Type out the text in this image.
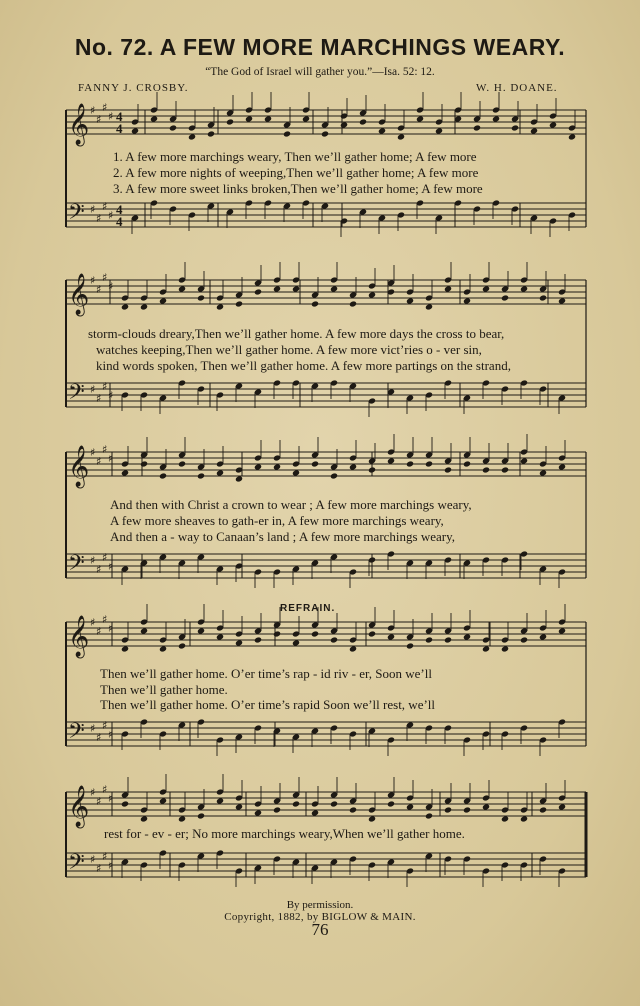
No. 72. A FEW MORE MARCHINGS WEARY.
“The God of Israel will gather you.”—Isa. 52: 12.
FANNY J. CROSBY.	W. H. DOANE.
𝄞 ♯
♯
♯
♯ 4
4
𝄢 ♯
♯
♯
♯ 4
4
𝄞 ♯
♯
♯
♯
𝄢 ♯
♯
♯
♯
𝄞 ♯
♯
♯
♯
𝄢 ♯
♯
♯
♯
𝄞 ♯
♯
♯
♯
𝄢 ♯
♯
♯
♯
𝄞 ♯
♯
♯
♯
𝄢 ♯
♯
♯
♯
REFRAIN.
1. A few more marchings weary, Then we’ll gather home; A few more
2. A few more nights of weeping,Then we’ll gather home; A few more
3. A few more sweet links broken,Then we’ll gather home; A few more
storm-clouds dreary,Then we’ll gather home. A few more days the cross to bear,
watches keeping,Then we’ll gather home. A few more vict’ries o - ver sin,
kind words spoken, Then we’ll gather home. A few more partings on the strand,
And then with Christ a crown to wear ; A few more marchings weary,
A few more sheaves to gath-er in, A few more marchings weary,
And then a - way to Canaan’s land ; A few more marchings weary,
Then we’ll gather home. O’er time’s rap - id riv - er, Soon we’ll
Then we’ll gather home.
Then we’ll gather home. O’er time’s rapid Soon we’ll rest, we’ll
rest for - ev - er; No more marchings weary,When we’ll gather home.
By permission.
Copyright, 1882, by BIGLOW & MAIN.
76
